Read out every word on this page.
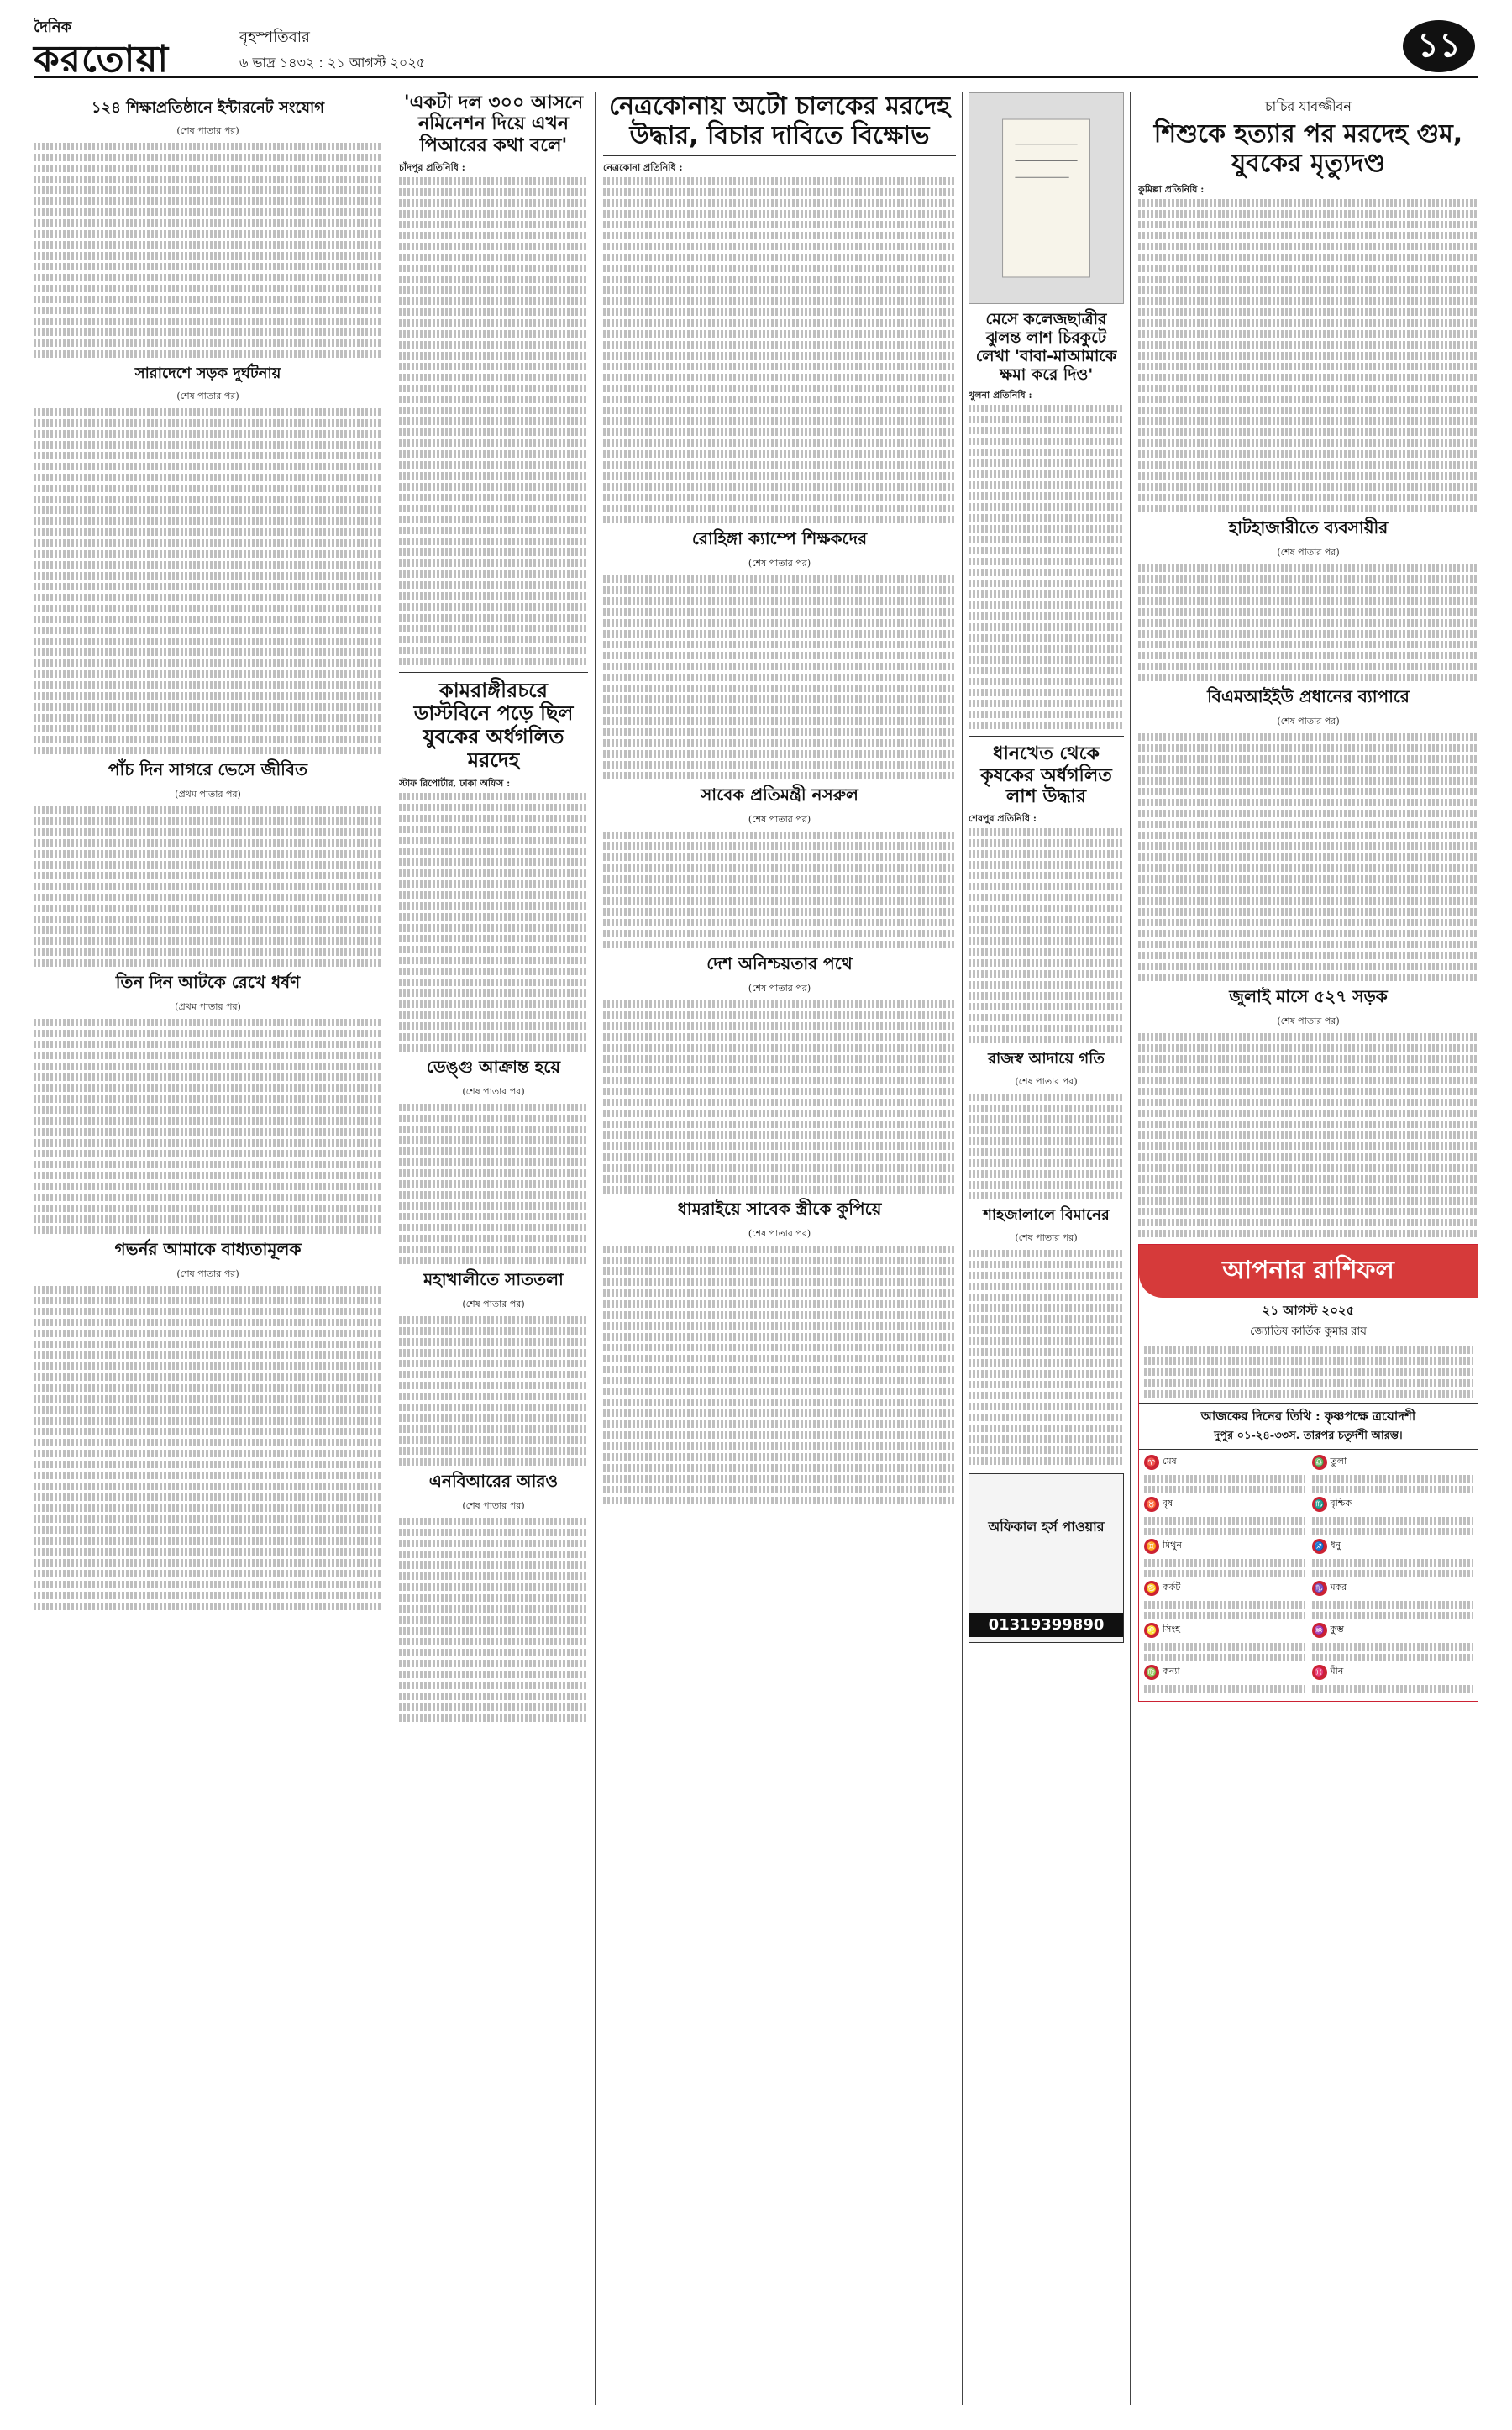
দৈনিক
করতোয়া
বৃহস্পতিবার
৬ ভাদ্র ১৪৩২ : ২১ আগস্ট ২০২৫	১১
১২৪ শিক্ষাপ্রতিষ্ঠানে ইন্টারনেট সংযোগ
(শেষ পাতার পর)
সারাদেশে সড়ক দুর্ঘটনায়
(শেষ পাতার পর)
পাঁচ দিন সাগরে ভেসে জীবিত
(প্রথম পাতার পর)
তিন দিন আটকে রেখে ধর্ষণ
(প্রথম পাতার পর)
গভর্নর আমাকে বাধ্যতামূলক
(শেষ পাতার পর)
'একটা দল ৩০০ আসনে নমিনেশন দিয়ে এখন পিআরের কথা বলে'
চাঁদপুর প্রতিনিধি :
কামরাঙ্গীরচরে ডাস্টবিনে পড়ে ছিল যুবকের অর্ধগলিত মরদেহ
স্টাফ রিপোর্টার, ঢাকা অফিস :
ডেঙ্গু আক্রান্ত হয়ে
(শেষ পাতার পর)
মহাখালীতে সাততলা
(শেষ পাতার পর)
এনবিআরের আরও
(শেষ পাতার পর)
নেত্রকোনায় অটো চালকের মরদেহ উদ্ধার, বিচার দাবিতে বিক্ষোভ
নেত্রকোনা প্রতিনিধি :
রোহিঙ্গা ক্যাম্পে শিক্ষকদের
(শেষ পাতার পর)
সাবেক প্রতিমন্ত্রী নসরুল
(শেষ পাতার পর)
দেশ অনিশ্চয়তার পথে
(শেষ পাতার পর)
ধামরাইয়ে সাবেক স্ত্রীকে কুপিয়ে
(শেষ পাতার পর)
মেসে কলেজছাত্রীর ঝুলন্ত লাশ চিরকুটে লেখা 'বাবা-মাআমাকে ক্ষমা করে দিও'
খুলনা প্রতিনিধি :
ধানখেত থেকে কৃষকের অর্ধগলিত লাশ উদ্ধার
শেরপুর প্রতিনিধি :
রাজস্ব আদায়ে গতি
(শেষ পাতার পর)
শাহজালালে বিমানের
(শেষ পাতার পর)
অফিকাল হর্স পাওয়ার
01319399890
চাচির যাবজ্জীবন
শিশুকে হত্যার পর মরদেহ গুম, যুবকের মৃত্যুদণ্ড
কুমিল্লা প্রতিনিধি :
হাটহাজারীতে ব্যবসায়ীর
(শেষ পাতার পর)
বিএমআইইউ প্রধানের ব্যাপারে
(শেষ পাতার পর)
জুলাই মাসে ৫২৭ সড়ক
(শেষ পাতার পর)
আপনার রাশিফল
২১ আগস্ট ২০২৫
জ্যোতিষ কার্তিক কুমার রায়
আজকের দিনের তিথি : কৃষ্ণপক্ষে ত্রয়োদশী
দুপুর ০১-২৪-৩৩স. তারপর চতুর্দশী আরম্ভ।
♈ মেষ
♉ বৃষ
♊ মিথুন
♋ কর্কট
♌ সিংহ
♍ কন্যা
♎ তুলা
♏ বৃশ্চিক
♐ ধনু
♑ মকর
♒ কুম্ভ
♓ মীন
